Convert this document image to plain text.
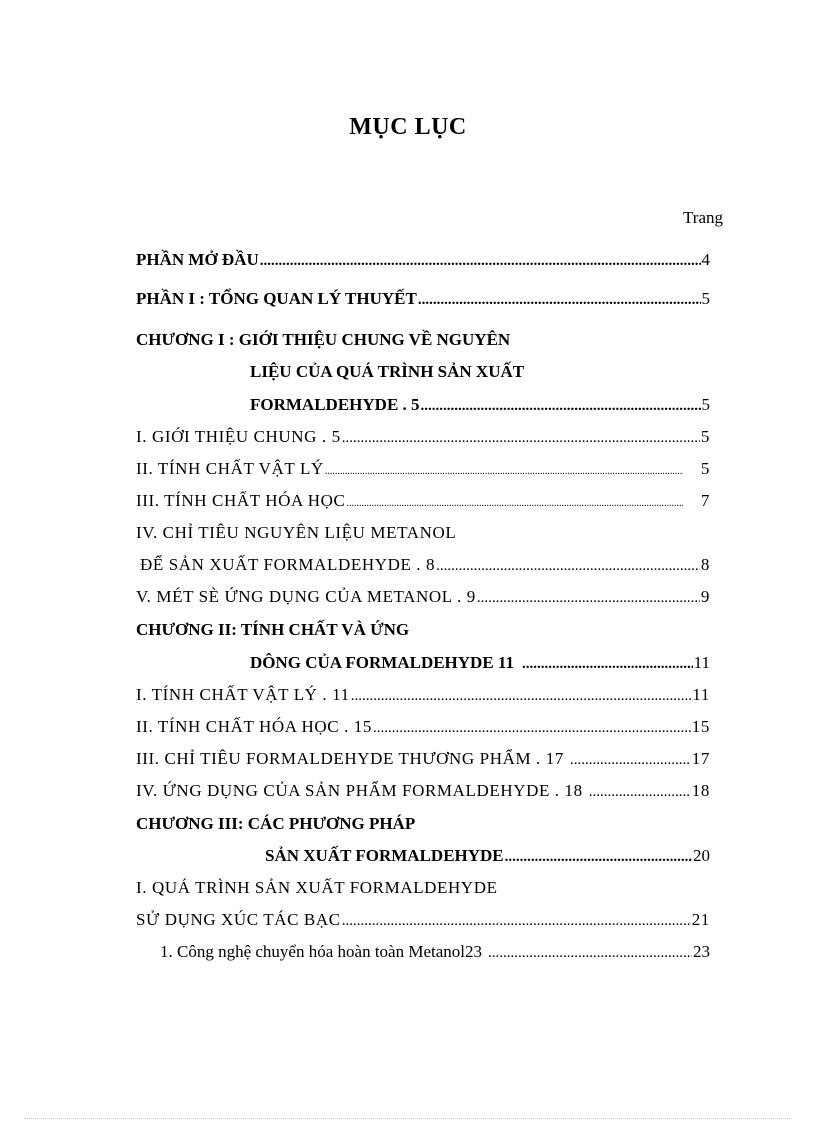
MỤC LỤC
Trang
PHẦN MỞ ĐẦU .....	4
PHẦN I : TỔNG QUAN LÝ THUYẾT .....	5
CHƯƠNG I : GIỚI THIỆU CHUNG VỀ NGUYÊN
LIỆU CỦA QUÁ TRÌNH SẢN XUẤT
FORMALDEHYDE . 5 .....	5
I. GIỚI THIỆU CHUNG . 5 .....	5
II. TÍNH CHẤT VẬT LÝ .....	5
III. TÍNH CHẤT HÓA HỌC .....	7
IV. CHỈ TIÊU NGUYÊN LIỆU METANOL
ĐỂ SẢN XUẤT FORMALDEHYDE . 8 .....	8
V. MÉT SÈ ỨNG DỤNG CỦA METANOL . 9 .....	9
CHƯƠNG II: TÍNH CHẤT VÀ ỨNG
DÔNG CỦA FORMALDEHYDE 11 .....	11
I. TÍNH CHẤT VẬT LÝ . 11 .....	11
II. TÍNH CHẤT HÓA HỌC . 15 .....	15
III. CHỈ TIÊU FORMALDEHYDE THƯƠNG PHẨM . 17 .....	17
IV. ỨNG DỤNG CỦA SẢN PHẨM FORMALDEHYDE . 18 .....	18
CHƯƠNG III: CÁC PHƯƠNG PHÁP
SẢN XUẤT FORMALDEHYDE .....	20
I. QUÁ TRÌNH SẢN XUẤT FORMALDEHYDE
SỬ DỤNG XÚC TÁC BẠC .....	21
1. Công nghệ chuyển hóa hoàn toàn Metanol23 .....	23
